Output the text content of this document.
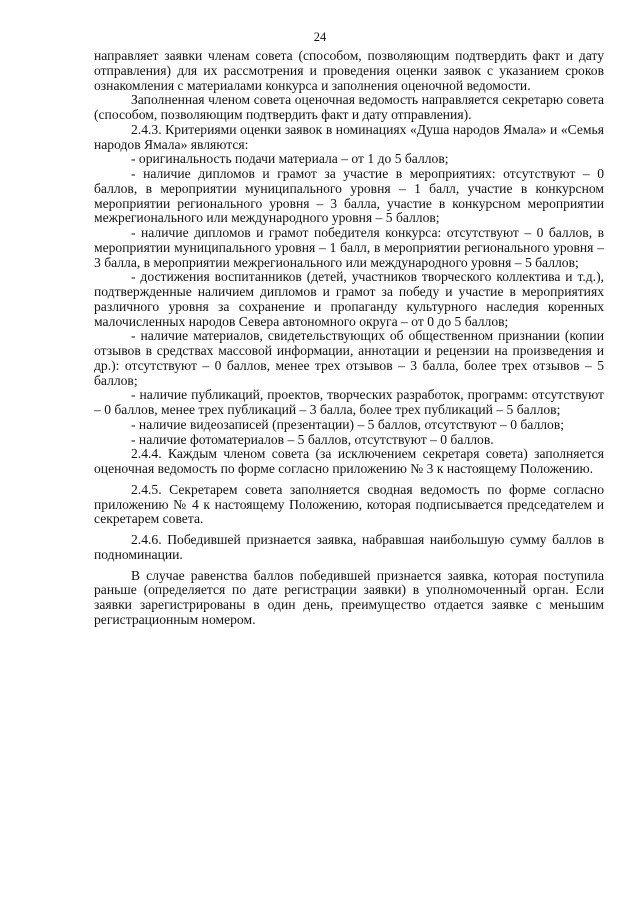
24

направляет заявки членам совета (способом, позволяющим подтвердить факт и дату отправления) для их рассмотрения и проведения оценки заявок с указанием сроков ознакомления с материалами конкурса и заполнения оценочной ведомости.

Заполненная членом совета оценочная ведомость направляется секретарю совета (способом, позволяющим подтвердить факт и дату отправления).

2.4.3. Критериями оценки заявок в номинациях «Душа народов Ямала» и «Семья народов Ямала» являются:

- оригинальность подачи материала – от 1 до 5 баллов;

- наличие дипломов и грамот за участие в мероприятиях: отсутствуют – 0 баллов, в мероприятии муниципального уровня – 1 балл, участие в конкурсном мероприятии регионального уровня – 3 балла, участие в конкурсном мероприятии межрегионального или международного уровня – 5 баллов;

- наличие дипломов и грамот победителя конкурса: отсутствуют – 0 баллов, в мероприятии муниципального уровня – 1 балл, в мероприятии регионального уровня – 3 балла, в мероприятии межрегионального или международного уровня – 5 баллов;

- достижения воспитанников (детей, участников творческого коллектива и т.д.), подтвержденные наличием дипломов и грамот за победу и участие в мероприятиях различного уровня за сохранение и пропаганду культурного наследия коренных малочисленных народов Севера автономного округа – от 0 до 5 баллов;

- наличие материалов, свидетельствующих об общественном признании (копии отзывов в средствах массовой информации, аннотации и рецензии на произведения и др.): отсутствуют – 0 баллов, менее трех отзывов – 3 балла, более трех отзывов – 5 баллов;

- наличие публикаций, проектов, творческих разработок, программ: отсутствуют – 0 баллов, менее трех публикаций – 3 балла, более трех публикаций – 5 баллов;

- наличие видеозаписей (презентации) – 5 баллов, отсутствуют – 0 баллов;

- наличие фотоматериалов – 5 баллов, отсутствуют – 0 баллов.

2.4.4. Каждым членом совета (за исключением секретаря совета) заполняется оценочная ведомость по форме согласно приложению № 3 к настоящему Положению.

2.4.5. Секретарем совета заполняется сводная ведомость по форме согласно приложению № 4 к настоящему Положению, которая подписывается председателем и секретарем совета.

2.4.6. Победившей признается заявка, набравшая наибольшую сумму баллов в подноминации.

В случае равенства баллов победившей признается заявка, которая поступила раньше (определяется по дате регистрации заявки) в уполномоченный орган. Если заявки зарегистрированы в один день, преимущество отдается заявке с меньшим регистрационным номером.
